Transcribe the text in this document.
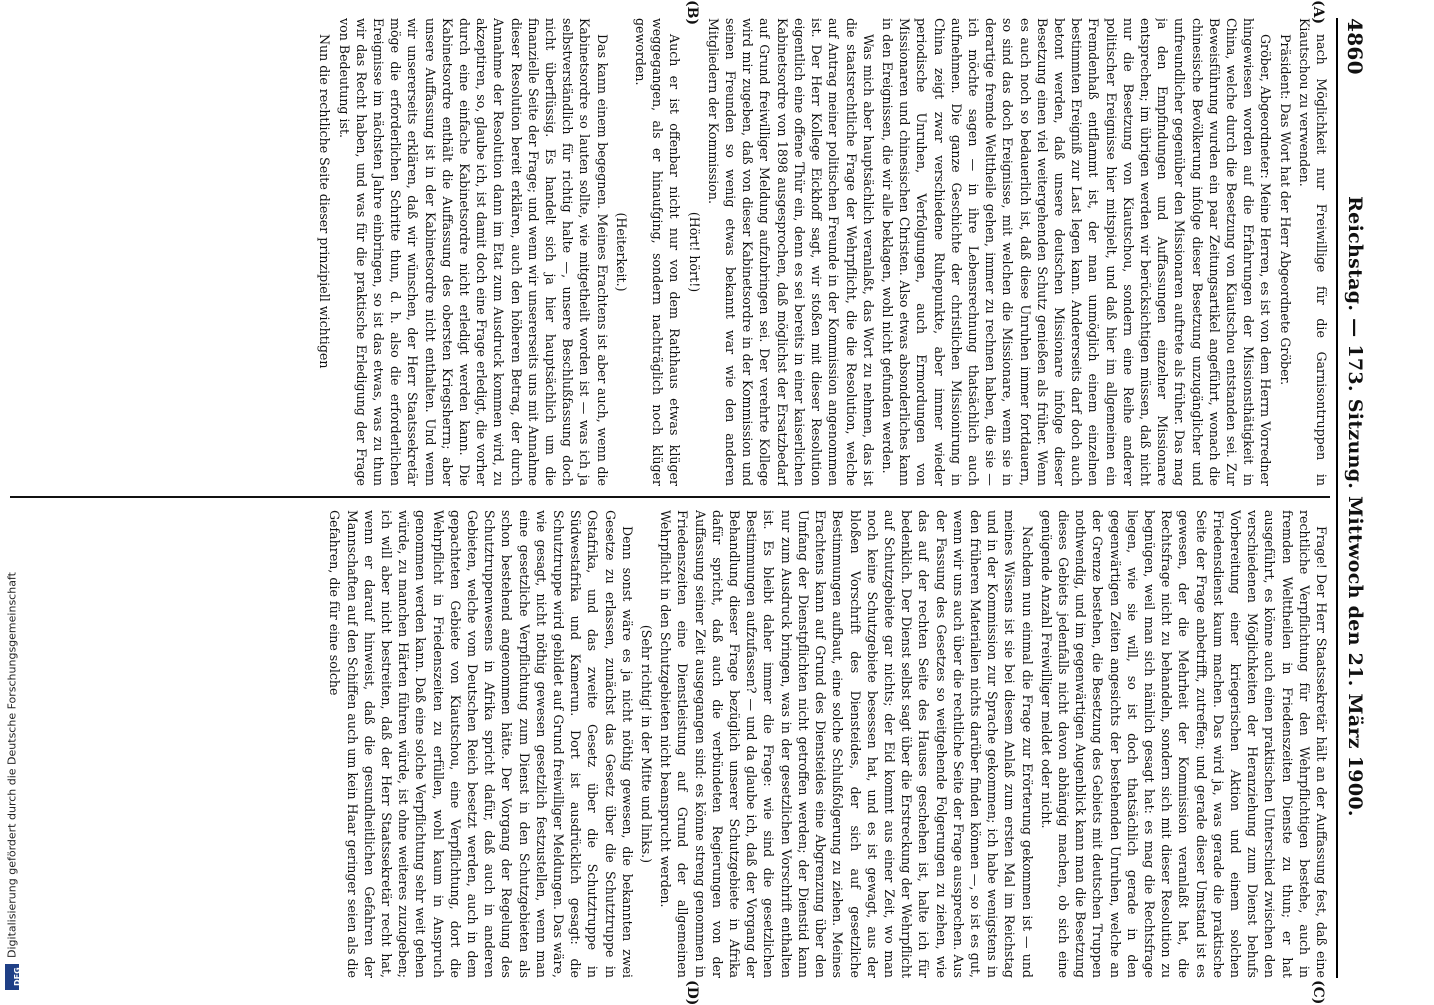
4860
Reichstag. — 173. Sitzung. Mittwoch den 21. März 1900.
(A)
(B)
(C)
(D)

nach Möglichkeit nur Freiwillige für die Garnisontruppen in Kiautschou zu verwenden.

Präsident: Das Wort hat der Herr Abgeordnete Gröber.

Gröber, Abgeordneter: Meine Herren, es ist von dem Herrn Vorredner hingewiesen worden auf die Erfahrungen der Missionsthätigkeit in China, welche durch die Besetzung von Kiautschou entstanden sei. Zur Beweisführung wurden ein paar Zeitungsartikel angeführt, wonach die chinesische Bevölkerung infolge dieser Besetzung unzugänglicher und unfreundlicher gegenüber den Missionaren auftrete als früher. Das mag ja den Empfindungen und Auffassungen einzelner Missionare entsprechen; im übrigen werden wir berücksichtigen müssen, daß nicht nur die Besetzung von Kiautschou, sondern eine Reihe anderer politischer Ereignisse hier mitspielt, und daß hier im allgemeinen ein Fremdenhaß entflammt ist, der man unmöglich einem einzelnen bestimmten Ereigniß zur Last legen kann. Andererseits darf doch auch betont werden, daß unsere deutschen Missionare infolge dieser Besetzung einen viel weitergehenden Schutz genießen als früher. Wenn es auch noch so bedauerlich ist, daß diese Unruhen immer fortdauern, so sind das doch Ereignisse, mit welchen die Missionare, wenn sie in derartige fremde Welttheile gehen, immer zu rechnen haben, die sie — ich möchte sagen — in ihre Lebensrechnung thatsächlich auch aufnehmen. Die ganze Geschichte der christlichen Missionirung in China zeigt zwar verschiedene Ruhepunkte, aber immer wieder periodische Unruhen, Verfolgungen, auch Ermordungen von Missionaren und chinesischen Christen. Also etwas absonderliches kann in den Ereignissen, die wir alle beklagen, wohl nicht gefunden werden.

Was mich aber hauptsächlich veranlaßt, das Wort zu nehmen, das ist die staatsrechtliche Frage der Wehrpflicht, die die Resolution, welche auf Antrag meiner politischen Freunde in der Kommission angenommen ist. Der Herr Kollege Eickhoff sagt, wir stoßen mit dieser Resolution eigentlich eine offene Thür ein, denn es sei bereits in einer kaiserlichen Kabinetsordre von 1898 ausgesprochen, daß möglichst der Ersatzbedarf auf Grund freiwilliger Meldung aufzubringen sei. Der verehrte Kollege wird mir zugeben, daß von dieser Kabinetsordre in der Kommission und seinen Freunden so wenig etwas bekannt war wie den anderen Mitgliedern der Kommission.

(Hört! hört!)

Auch er ist offenbar nicht nur von dem Rathhaus etwas klüger weggegangen, als er hinaufging, sondern nachträglich noch klüger geworden.

(Heiterkeit.)

Das kann einem begegnen. Meines Erachtens ist aber auch, wenn die Kabinetsordre so lauten sollte, wie mitgetheilt worden ist — was ich ja selbstverständlich für richtig halte —, unsere Beschlußfassung doch nicht überflüssig. Es handelt sich ja hier hauptsächlich um die finanzielle Seite der Frage; und wenn wir unsererseits uns mit Annahme dieser Resolution bereit erklären, auch den höheren Betrag, der durch Annahme der Resolution dann im Etat zum Ausdruck kommen wird, zu akzeptiren, so, glaube ich, ist damit doch eine Frage erledigt, die vorher durch eine einfache Kabinetsordre nicht erledigt werden kann. Die Kabinetsordre enthält die Auffassung des obersten Kriegsherrn; aber unsere Auffassung ist in der Kabinetsordre nicht enthalten. Und wenn wir unsererseits erklären, daß wir wünschen, der Herr Staatssekretär möge die erforderlichen Schritte thun, d. h. also die erforderlichen Ereignisse im nächsten Jahre einbringen, so ist das etwas, was zu thun wir das Recht haben, und was für die praktische Erledigung der Frage von Bedeutung ist.

Nun die rechtliche Seite dieser prinzipiell wichtigen

Frage! Der Herr Staatssekretär hält an der Auffassung fest, daß eine rechtliche Verpflichtung für den Wehrpflichtigen bestehe, auch in fremden Welttheilen in Friedenszeiten Dienste zu thun; er hat ausgeführt, es könne auch einen praktischen Unterschied zwischen den verschiedenen Möglichkeiten der Heranziehung zum Dienst behufs Vorbereitung einer kriegerischen Aktion und einem solchen Friedensdienst kaum machen. Das wird ja, was gerade die praktische Seite der Frage anbetrifft, zutreffen; und gerade dieser Umstand ist es gewesen, der die Mehrheit der Kommission veranlaßt hat, die Rechtsfrage nicht zu behandeln, sondern sich mit dieser Resolution zu begnügen, weil man sich nämlich gesagt hat: es mag die Rechtsfrage liegen, wie sie will, so ist doch thatsächlich gerade in den gegenwärtigen Zeiten angesichts der bestehenden Unruhen, welche an der Grenze bestehen, die Besetzung des Gebiets mit deutschen Truppen nothwendig, und im gegenwärtigen Augenblick kann man die Besetzung dieses Gebiets jedenfalls nicht davon abhängig machen, ob sich eine genügende Anzahl Freiwilliger meldet oder nicht.

Nachdem nun einmal die Frage zur Erörterung gekommen ist — und meines Wissens ist sie bei diesem Anlaß zum ersten Mal im Reichstag und in der Kommission zur Sprache gekommen; ich habe wenigstens in den früheren Materialien nichts darüber finden können —, so ist es gut, wenn wir uns auch über die rechtliche Seite der Frage aussprechen. Aus der Fassung des Gesetzes so weitgehende Folgerungen zu ziehen, wie das auf der rechten Seite des Hauses geschehen ist, halte ich für bedenklich. Der Dienst selbst sagt über die Erstreckung der Wehrpflicht auf Schutzgebiete gar nichts; der Eid kommt aus einer Zeit, wo man noch keine Schutzgebiete besessen hat, und es ist gewagt, aus der bloßen Vorschrift des Diensteides, der sich auf gesetzliche Bestimmungen aufbaut, eine solche Schlußfolgerung zu ziehen. Meines Erachtens kann auf Grund des Diensteides eine Abgrenzung über den Umfang der Dienstpflichten nicht getroffen werden; der Dienstid kann nur zum Ausdruck bringen, was in der gesetzlichen Vorschrift enthalten ist. Es bleibt daher immer die Frage: wie sind die gesetzlichen Bestimmungen aufzufassen? — und da glaube ich, daß der Vorgang der Behandlung dieser Frage bezüglich unserer Schutzgebiete in Afrika dafür spricht, daß auch die verbündeten Regierungen von der Auffassung seiner Zeit ausgegangen sind: es könne streng genommen in Friedenszeiten eine Dienstleistung auf Grund der allgemeinen Wehrpflicht in den Schutzgebieten nicht beansprucht werden.

(Sehr richtig! in der Mitte und links.)

Denn sonst wäre es ja nicht nöthig gewesen, die bekannten zwei Gesetze zu erlassen, zunächst das Gesetz über die Schutztruppe in Ostafrika, und das zweite Gesetz über die Schutztruppe in Südwestafrika und Kamerun. Dort ist ausdrücklich gesagt: die Schutztruppe wird gebildet auf Grund freiwilliger Meldungen. Das wäre, wie gesagt, nicht nöthig gewesen gesetzlich festzustellen, wenn man eine gesetzliche Verpflichtung zum Dienst in den Schutzgebieten als schon bestehend angenommen hätte. Der Vorgang der Regelung des Schutztruppenwesens in Afrika spricht dafür, daß auch in anderen Gebieten, welche vom Deutschen Reich besetzt werden, auch in dem gepachteten Gebiete von Kiautschou, eine Verpflichtung, dort die Wehrpflicht in Friedenszeiten zu erfüllen, wohl kaum in Anspruch genommen werden kann. Daß eine solche Verpflichtung sehr weit gehen würde, zu manchen Härten führen würde, ist ohne weiteres zuzugeben; ich will aber nicht bestreiten, daß der Herr Staatssekretär recht hat, wenn er darauf hinweist, daß die gesundheitlichen Gefahren der Mannschaften auf den Schiffen auch um kein Haar geringer seien als die Gefahren, die für eine solche

DFG
Digitalisierung gefördert durch die Deutsche Forschungsgemeinschaft
